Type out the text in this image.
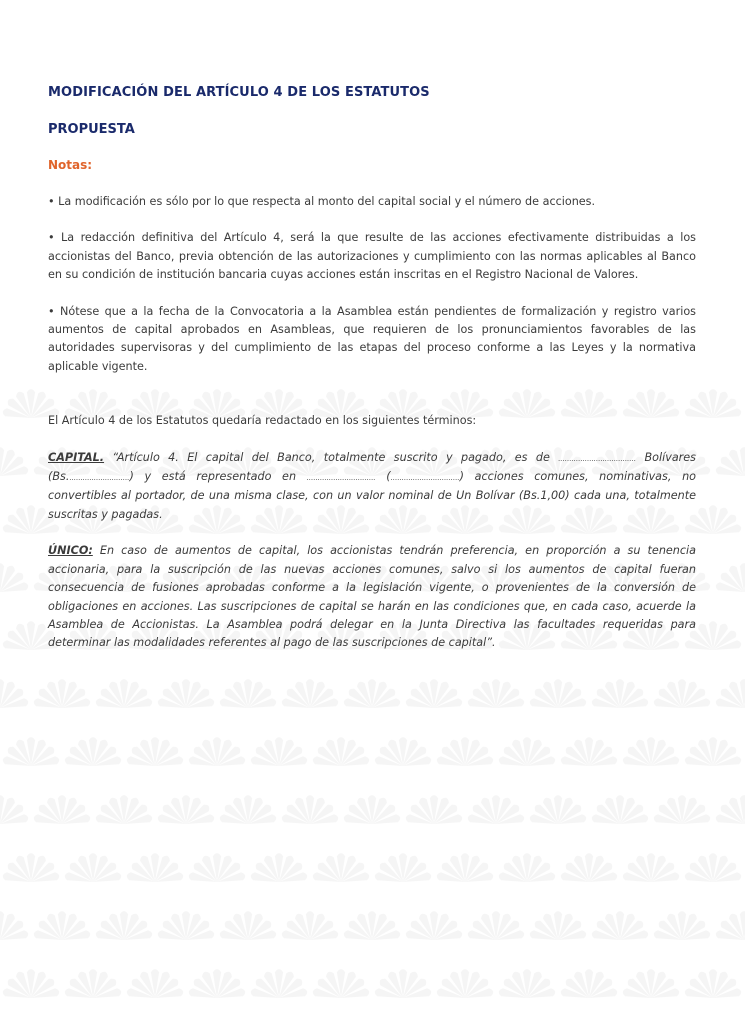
MODIFICACIÓN DEL ARTÍCULO 4 DE LOS ESTATUTOS
PROPUESTA
Notas:

• La modificación es sólo por lo que respecta al monto del capital social y el número de acciones.

• La redacción definitiva del Artículo 4, será la que resulte de las acciones efectivamente distribuidas a los accionistas del Banco, previa obtención de las autorizaciones y cumplimiento con las normas aplicables al Banco en su condición de institución bancaria cuyas acciones están inscritas en el Registro Nacional de Valores.

• Nótese que a la fecha de la Convocatoria a la Asamblea están pendientes de formalización y registro varios aumentos de capital aprobados en Asambleas, que requieren de los pronunciamientos favorables de las autoridades supervisoras y del cumplimiento de las etapas del proceso conforme a las Leyes y la normativa aplicable vigente.

El Artículo 4 de los Estatutos quedaría redactado en los siguientes términos:

CAPITAL. “Artículo 4. El capital del Banco, totalmente suscrito y pagado, es de ................................... Bolívares (Bs............................) y está representado en ............................... (...............................) acciones comunes, nominativas, no convertibles al portador, de una misma clase, con un valor nominal de Un Bolívar (Bs.1,00) cada una, totalmente suscritas y pagadas.

ÚNICO: En caso de aumentos de capital, los accionistas tendrán preferencia, en proporción a su tenencia accionaria, para la suscripción de las nuevas acciones comunes, salvo si los aumentos de capital fueran consecuencia de fusiones aprobadas conforme a la legislación vigente, o provenientes de la conversión de obligaciones en acciones. Las suscripciones de capital se harán en las condiciones que, en cada caso, acuerde la Asamblea de Accionistas. La Asamblea podrá delegar en la Junta Directiva las facultades requeridas para determinar las modalidades referentes al pago de las suscripciones de capital”.
